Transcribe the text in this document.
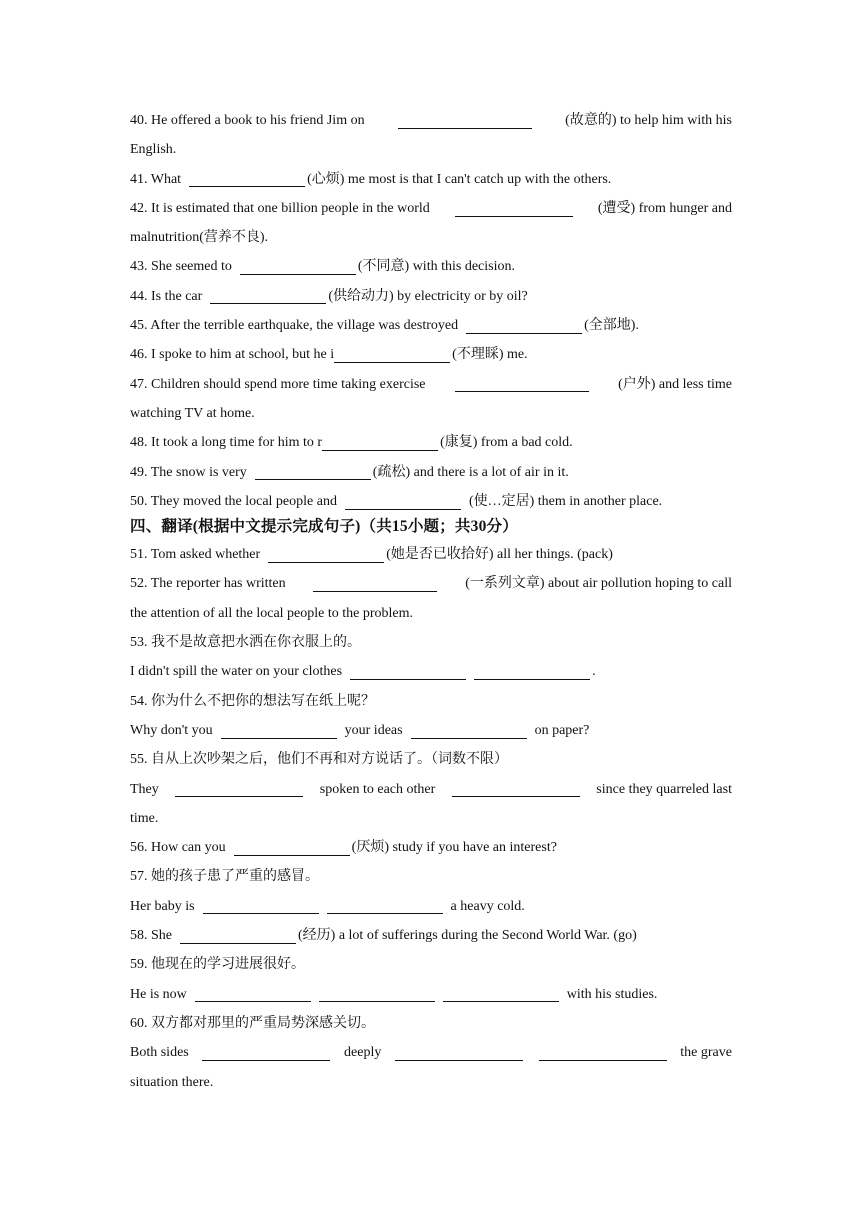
40. He offered a book to his friend Jim on	(故意的) to help him with his
English.
41. What	(心烦) me most is that I can't catch up with the others.
42. It is estimated that one billion people in the world	(遭受) from hunger and
malnutrition(营养不良).
43. She seemed to	(不同意) with this decision.
44. Is the car	(供给动力) by electricity or by oil?
45. After the terrible earthquake, the village was destroyed	(全部地).
46. I spoke to him at school, but he i	(不理睬) me.
47. Children should spend more time taking exercise	(户外) and less time
watching TV at home.
48. It took a long time for him to r	(康复) from a bad cold.
49. The snow is very	(疏松) and there is a lot of air in it.
50. They moved the local people and	(使…定居) them in another place.
四、翻译(根据中文提示完成句子)（共15小题；共30分）
51. Tom asked whether	(她是否已收拾好) all her things. (pack)
52. The reporter has written	(一系列文章) about air pollution hoping to call
the attention of all the local people to the problem.
53. 我不是故意把水洒在你衣服上的。
I didn't spill the water on your clothes	.
54. 你为什么不把你的想法写在纸上呢？
Why don't you	your ideas	on paper?
55. 自从上次吵架之后，他们不再和对方说话了。（词数不限）
They	spoken to each other	since they quarreled last
time.
56. How can you	(厌烦) study if you have an interest?
57. 她的孩子患了严重的感冒。
Her baby is	a heavy cold.
58. She	(经历) a lot of sufferings during the Second World War. (go)
59. 他现在的学习进展很好。
He is now	with his studies.
60. 双方都对那里的严重局势深感关切。
Both sides	deeply	the grave
situation there.
